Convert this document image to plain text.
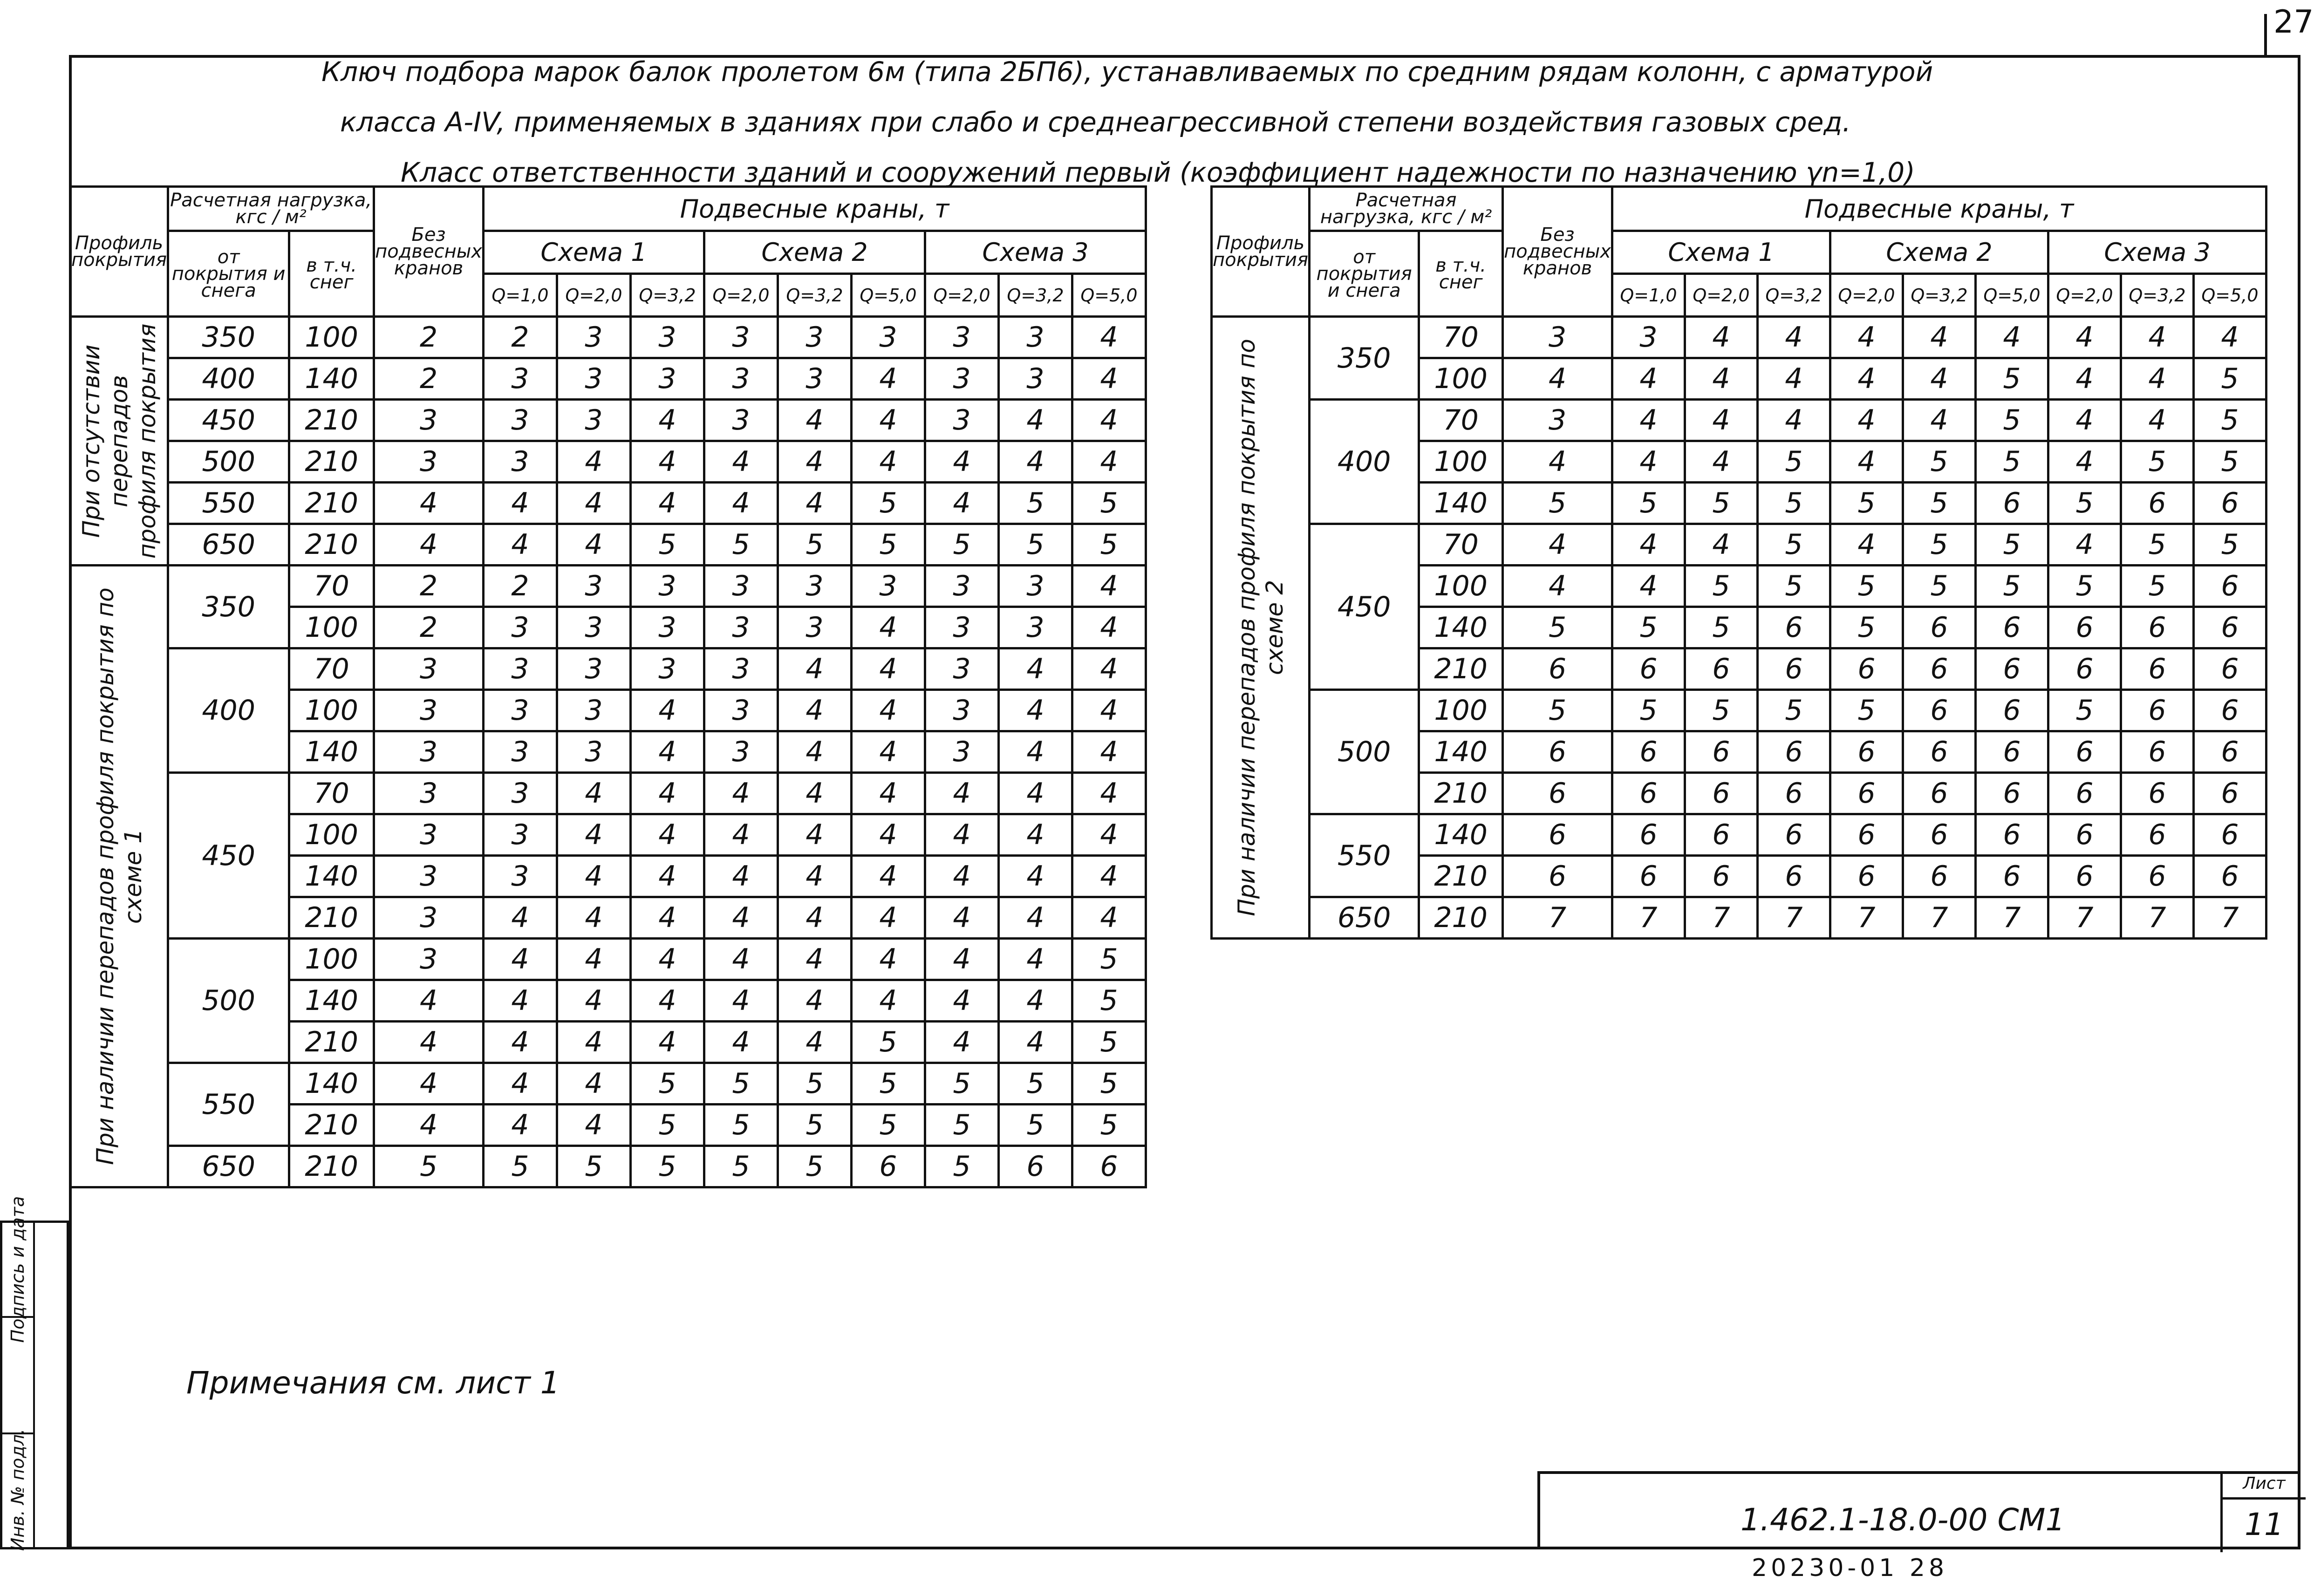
27
Ключ подбора марок балок пролетом 6м (типа 2БП6), устанавливаемых по средним рядам колонн, с арматурой
класса А-IV, применяемых в зданиях при слабо и среднеагрессивной степени воздействия газовых сред.
Класс ответственности зданий и сооружений первый (коэффициент надежности по назначению γn=1,0)
Профиль покрытия	Расчетная нагрузка, кгс / м²		Без подвесных кранов	Подвесные краны, т								
	от покрытия и снега	в т.ч. снег		Схема 1			Схема 2			Схема 3		
				Q=1,0	Q=2,0	Q=3,2	Q=2,0	Q=3,2	Q=5,0	Q=2,0	Q=3,2	Q=5,0

При отсутствии перепадов профиля покрытия	350	100	2	2	3	3	3	3	3	3	3	4
	400	140	2	3	3	3	3	3	4	3	3	4
	450	210	3	3	3	4	3	4	4	3	4	4
	500	210	3	3	4	4	4	4	4	4	4	4
	550	210	4	4	4	4	4	4	5	4	5	5
	650	210	4	4	4	5	5	5	5	5	5	5

При наличии перепадов профиля покрытия по схеме 1	350	70	2	2	3	3	3	3	3	3	3	4
		100	2	3	3	3	3	3	4	3	3	4
	400	70	3	3	3	3	3	4	4	3	4	4
		100	3	3	3	4	3	4	4	3	4	4
		140	3	3	3	4	3	4	4	3	4	4
	450	70	3	3	4	4	4	4	4	4	4	4
		100	3	3	4	4	4	4	4	4	4	4
		140	3	3	4	4	4	4	4	4	4	4
		210	3	4	4	4	4	4	4	4	4	4
	500	100	3	4	4	4	4	4	4	4	4	5
		140	4	4	4	4	4	4	4	4	4	5
		210	4	4	4	4	4	4	5	4	4	5
	550	140	4	4	4	5	5	5	5	5	5	5
		210	4	4	4	5	5	5	5	5	5	5
	650	210	5	5	5	5	5	5	6	5	6	6
Профиль покрытия	Расчетная нагрузка, кгс / м²		Без подвесных кранов	Подвесные краны, т								
	от покрытия и снега	в т.ч. снег		Схема 1			Схема 2			Схема 3		
				Q=1,0	Q=2,0	Q=3,2	Q=2,0	Q=3,2	Q=5,0	Q=2,0	Q=3,2	Q=5,0

При наличии перепадов профиля покрытия по схеме 2	350	70	3	3	4	4	4	4	4	4	4	4
		100	4	4	4	4	4	4	5	4	4	5
	400	70	3	4	4	4	4	4	5	4	4	5
		100	4	4	4	5	4	5	5	4	5	5
		140	5	5	5	5	5	5	6	5	6	6
	450	70	4	4	4	5	4	5	5	4	5	5
		100	4	4	5	5	5	5	5	5	5	6
		140	5	5	5	6	5	6	6	6	6	6
		210	6	6	6	6	6	6	6	6	6	6
	500	100	5	5	5	5	5	6	6	5	6	6
		140	6	6	6	6	6	6	6	6	6	6
		210	6	6	6	6	6	6	6	6	6	6
	550	140	6	6	6	6	6	6	6	6	6	6
		210	6	6	6	6	6	6	6	6	6	6
	650	210	7	7	7	7	7	7	7	7	7	7
Примечания см. лист 1
Подпись и дата
Инв. № подл.	1.462.1-18.0-00 СМ1
Лист
11
20230-01 28
